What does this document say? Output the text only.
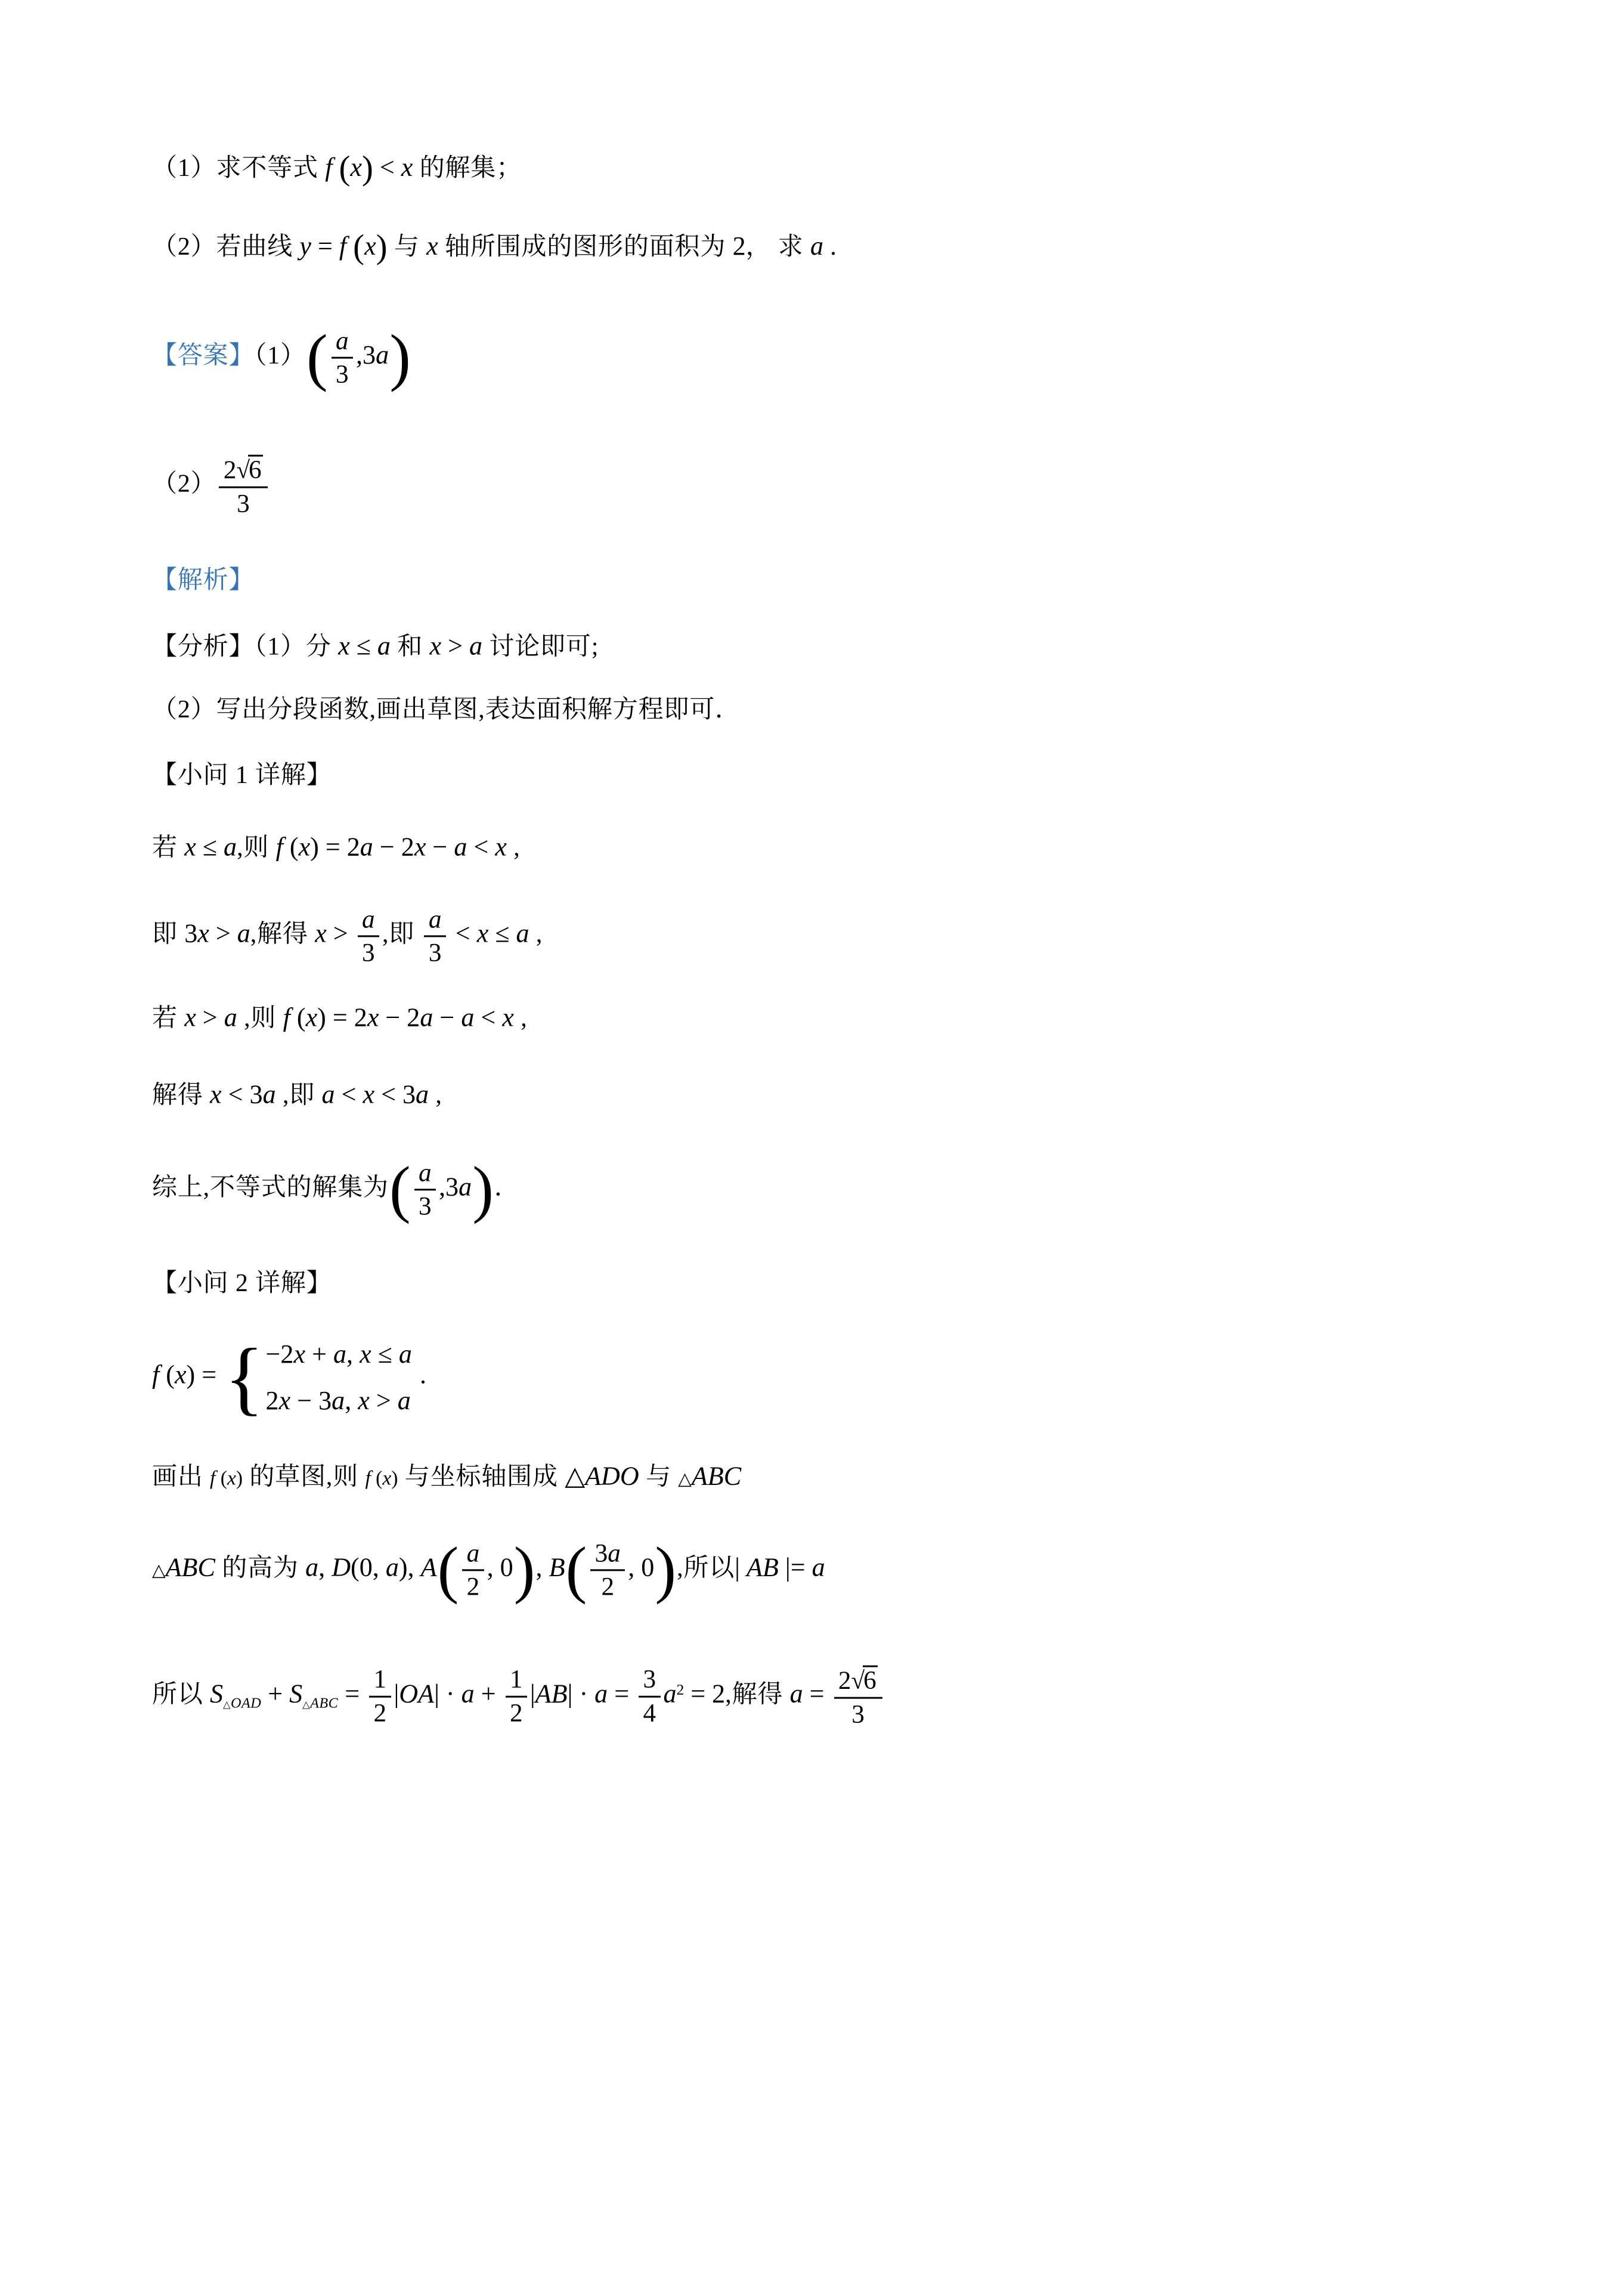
（1）求不等式 f (x) < x 的解集；
（2）若曲线 y = f (x) 与 x 轴所围成的图形的面积为 2， 求 a .
【答案】$(1)( \frac{a}{3} ,3a)$
$(2) \frac{2√6}{3}$
【解析】
【分析】（1）分 x ≤ a 和 x > a 讨论即可;
（2）写出分段函数,画出草图,表达面积解方程即可．
【小问 1 详解】
若 x ≤ a,则 f (x) = 2a − 2x − a < x ,
即 3x > a,解得 $x > \frac{a}{3}$ ,即 $\frac{a}{3} < x \le a$ ,
若 x > a ,则 f (x) = 2x − 2a − a < x ,
解得 x < 3a ,即 a < x < 3a ,
综上,不等式的解集为( $\frac{a}{3} ,3a$)．
【小问 2 详解】
f (x) = { −2x + a, x ≤ a
2x − 3a, x > a
.
画出 f (x) 的草图,则 f (x) 与坐标轴围成 △ADO 与 △ABC
△ABC 的高为 a, D(0, a), $A( \frac{a}{2}$ , 0), $B( \frac{3a}{2}$ , 0),所以| AB |= a
所以 $S_{\triangle OAD} + S_{\triangle ABC} = \frac{1}{2} |OA| \cdot a + \frac{1}{2} |AB| \cdot a = \frac{3}{4} a^2 = 2$,解得 $a = \frac{2√6}{3}$
